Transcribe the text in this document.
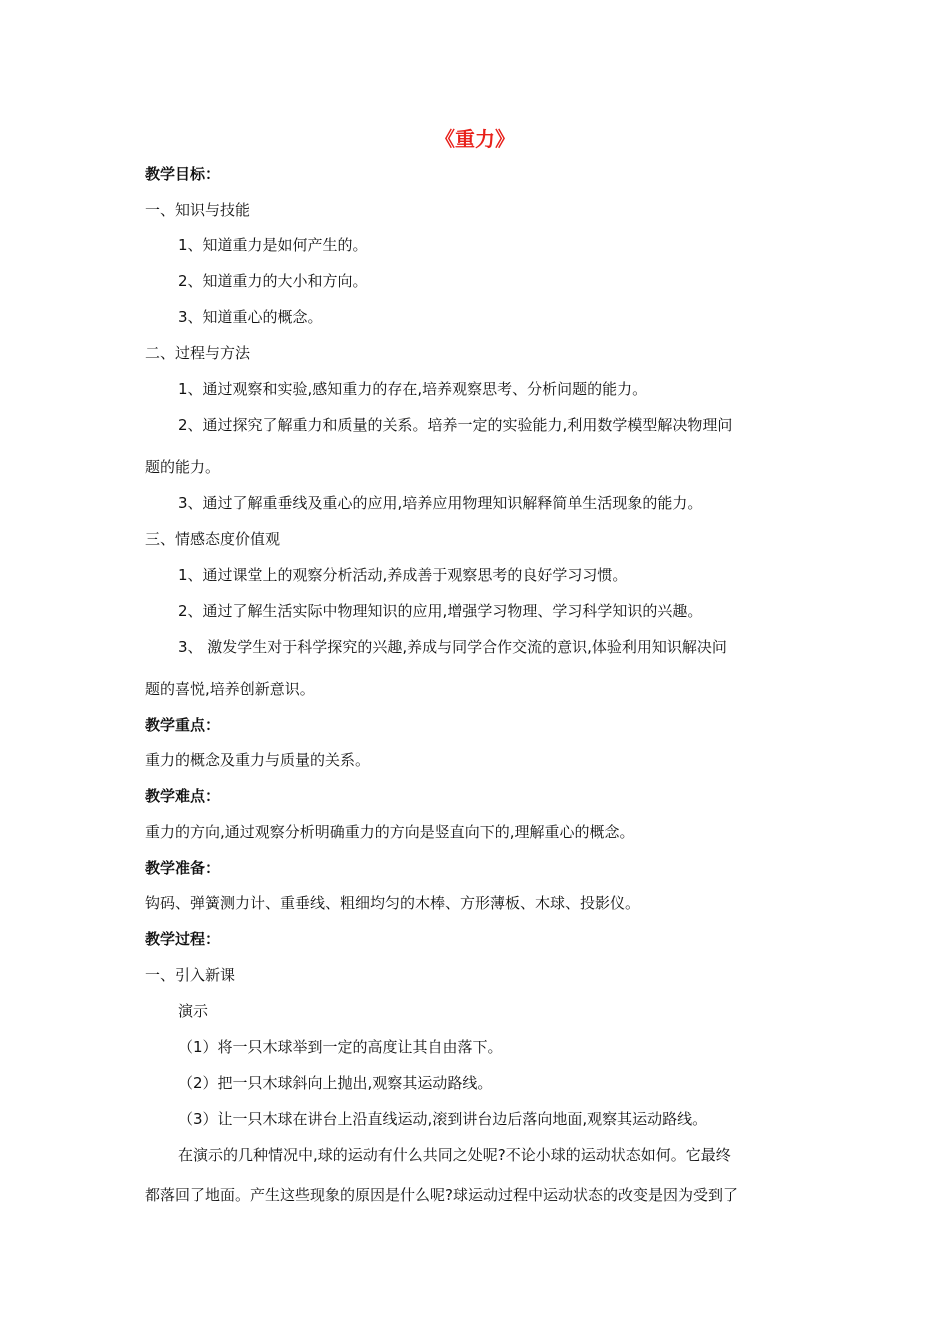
《重力》
教学目标：
一、知识与技能
1、知道重力是如何产生的。
2、知道重力的大小和方向。
3、知道重心的概念。
二、过程与方法
1、通过观察和实验,感知重力的存在,培养观察思考、分析问题的能力。
2、通过探究了解重力和质量的关系。培养一定的实验能力,利用数学模型解决物理问
题的能力。
3、通过了解重垂线及重心的应用,培养应用物理知识解释简单生活现象的能力。
三、情感态度价值观
1、通过课堂上的观察分析活动,养成善于观察思考的良好学习习惯。
2、通过了解生活实际中物理知识的应用,增强学习物理、学习科学知识的兴趣。
3、 激发学生对于科学探究的兴趣,养成与同学合作交流的意识,体验利用知识解决问
题的喜悦,培养创新意识。
教学重点：
重力的概念及重力与质量的关系。
教学难点：
重力的方向,通过观察分析明确重力的方向是竖直向下的,理解重心的概念。
教学准备：
钩码、弹簧测力计、重垂线、粗细均匀的木棒、方形薄板、木球、投影仪。
教学过程：
一、引入新课
演示
（1）将一只木球举到一定的高度让其自由落下。
（2）把一只木球斜向上抛出,观察其运动路线。
（3）让一只木球在讲台上沿直线运动,滚到讲台边后落向地面,观察其运动路线。
在演示的几种情况中,球的运动有什么共同之处呢?不论小球的运动状态如何。它最终
都落回了地面。产生这些现象的原因是什么呢?球运动过程中运动状态的改变是因为受到了
